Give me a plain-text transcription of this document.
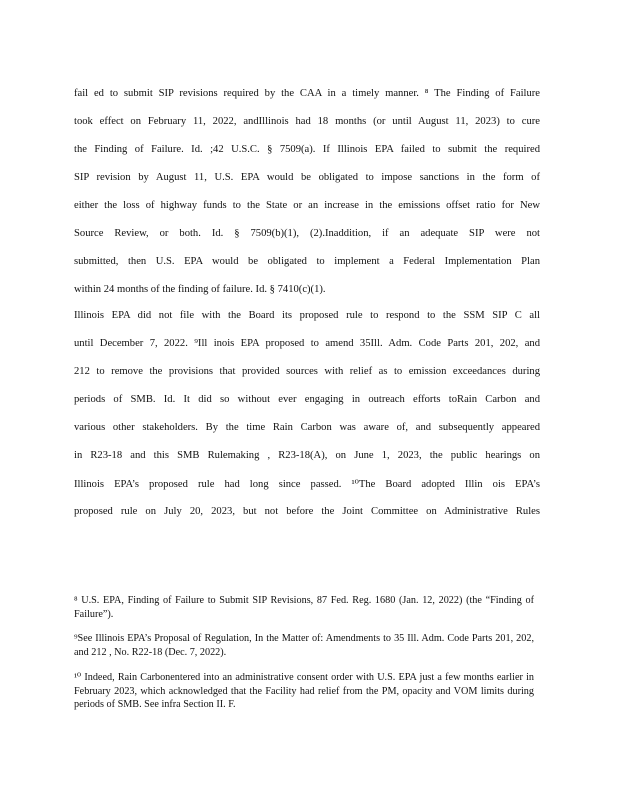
fail ed to submit SIP revisions required by the CAA in a timely manner. ⁸ The Finding of Failure
took effect on February 11, 2022, andIllinois had 18 months (or until August 11, 2023) to cure
the Finding of Failure. Id. ;42 U.S.C. § 7509(a). If Illinois EPA failed to submit the required
SIP revision by August 11, U.S. EPA would be obligated to impose sanctions in the form of
either the loss of highway funds to the State or an increase in the emissions offset ratio for New
Source Review, or both. Id. § 7509(b)(1), (2).Inaddition, if an adequate SIP were not
submitted, then U.S. EPA would be obligated to implement a Federal Implementation Plan
within 24 months of the finding of failure. Id. § 7410(c)(1).
Illinois EPA did not file with the Board its proposed rule to respond to the SSM SIP C all
until December 7, 2022. ⁹Ill inois EPA proposed to amend 35Ill. Adm. Code Parts 201, 202, and
212 to remove the provisions that provided sources with relief as to emission exceedances during
periods of SMB. Id. It did so without ever engaging in outreach efforts toRain Carbon and
various other stakeholders. By the time Rain Carbon was aware of, and subsequently appeared
in R23-18 and this SMB Rulemaking , R23-18(A), on June 1, 2023, the public hearings on
Illinois EPA’s proposed rule had long since passed. ¹⁰The Board adopted Illin ois EPA’s
proposed rule on July 20, 2023, but not before the Joint Committee on Administrative Rules
⁸ U.S. EPA, Finding of Failure to Submit SIP Revisions, 87 Fed. Reg. 1680 (Jan. 12, 2022) (the “Finding of Failure”).
⁹See Illinois EPA’s Proposal of Regulation, In the Matter of: Amendments to 35 Ill. Adm. Code Parts 201, 202, and 212 , No. R22-18 (Dec. 7, 2022).
¹⁰ Indeed, Rain Carbonentered into an administrative consent order with U.S. EPA just a few months earlier in February 2023, which acknowledged that the Facility had relief from the PM, opacity and VOM limits during periods of SMB. See infra Section II. F.
